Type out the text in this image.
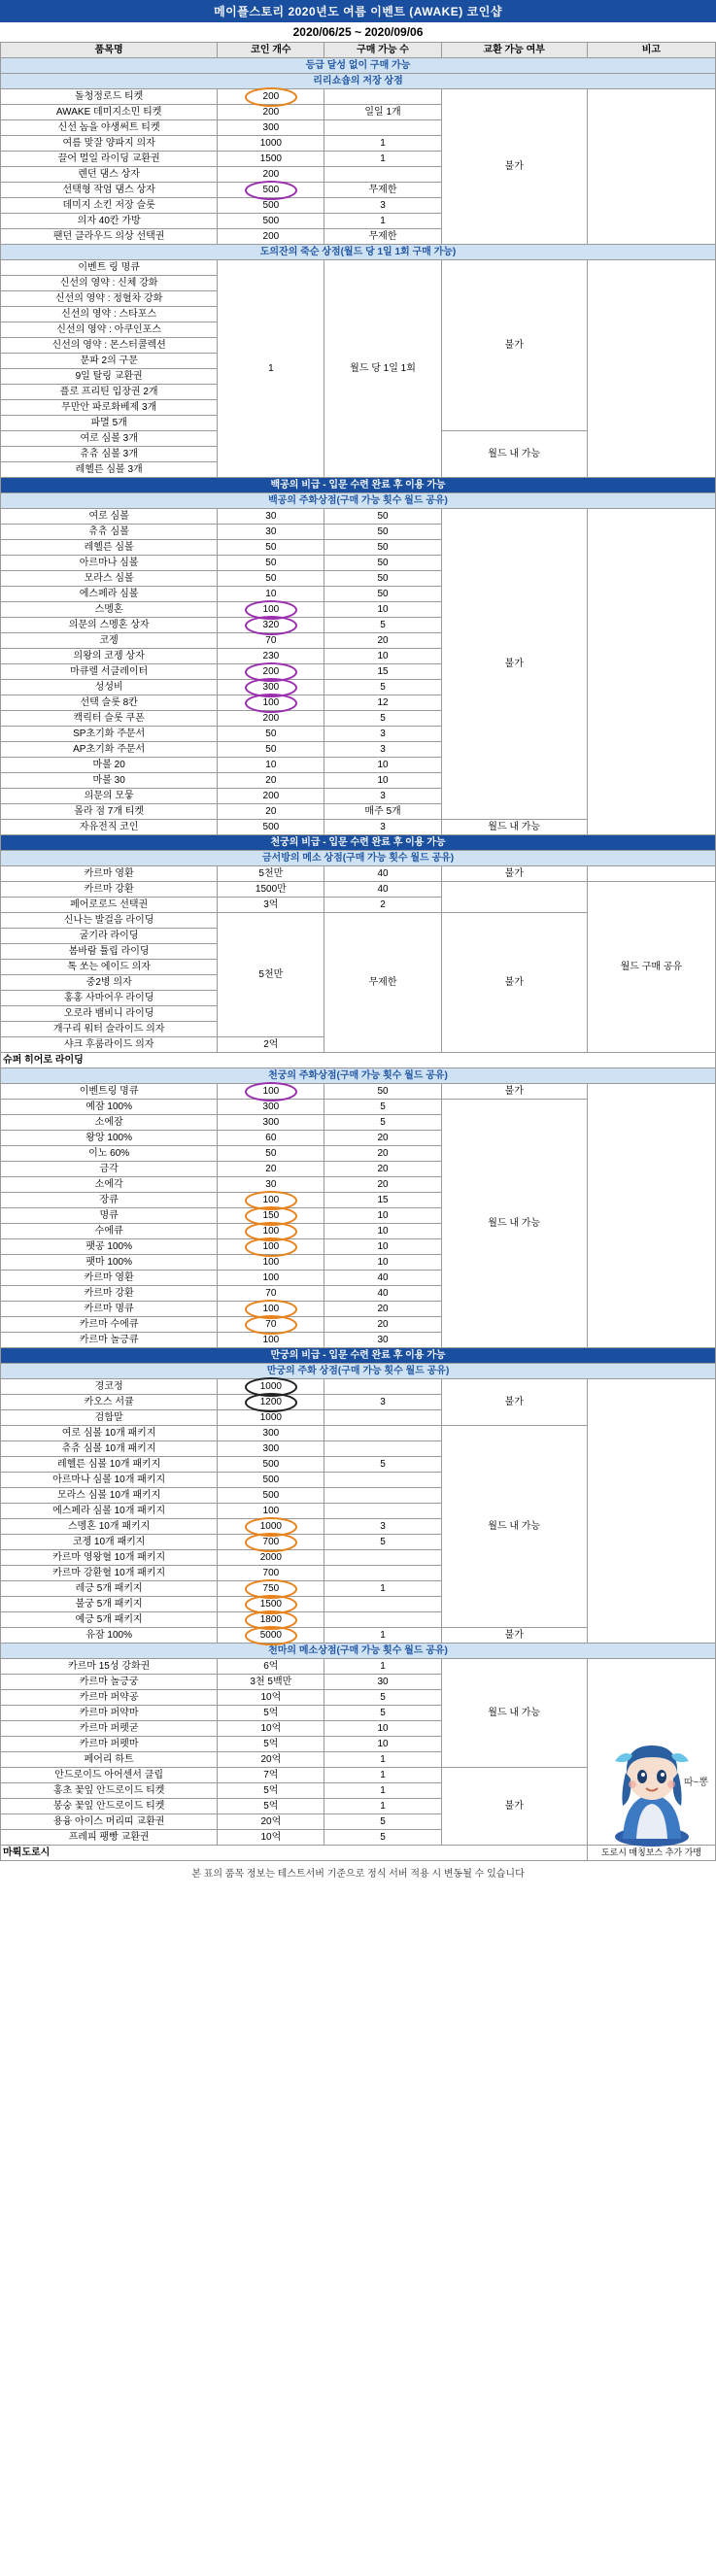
메이플스토리 2020년도 여름 이벤트 (AWAKE) 코인샵
2020/06/25 ~ 2020/09/06
품목명	코인 개수	구매 가능 수	교환 가능 여부	비고
등급 달성 없이 구매 가능				
리리쇼숍의 저장 상점				
돌청정로드 티켓	200		불가	
AWAKE 데미지소민 티켓	200	일일 1개		
신선 놈을 야생써트 티켓	300			
여름 맞잘 양파지 의자	1000	1		
끌어 멀일 라이딩 교환권	1500	1		
렌던 댐스 상자	200			
선택형 작엄 댐스 상자	500	무제한		
데미지 소킨 저장 슬롯	500	3		
의자 40칸 가방	500	1		
팬던 클라우드 의상 선택권	200	무제한		
도의잔의 죽순 상점(월드 당 1일 1회 구매 가능)				
이벤트 링 명큐	1	월드 당 1일 1회	불가	
신선의 영약 : 신체 강화				
신선의 영약 : 정혈차 강화				
신선의 영약 : 스타포스				
신선의 영약 : 아쿠인포스				
신선의 영약 : 몬스터콜렉션				
문파 2의 구문				
9일 탈링 교환권				
플로 프리틴 입장권 2개				
무만안 파로화베제 3개				
파멸 5개				
여로 심볼 3개			월드 내 가능	
츄츄 심볼 3개				
레헬른 심볼 3개				
백공의 비급 - 입문 수련 완료 후 이용 가능				
백공의 주화상점(구매 가능 횟수 월드 공유)				
여로 심볼	30	50	불가	
츄츄 심볼	30	50		
레헬른 심볼	50	50		
아르마나 심볼	50	50		
모라스 심볼	50	50		
에스페라 심볼	10	50		
스멩혼	100	10		
의문의 스멩혼 상자	320	5		
코젱	70	20		
의왕의 코젱 상자	230	10		
마큐렐 서클레이터	200	15		
성성비	300	5		
선택 슬롯 8칸	100	12		
캑릭터 슬롯 쿠폰	200	5		
SP초기화 주문서	50	3		
AP초기화 주문서	50	3		
마볼 20	10	10		
마볼 30	20	10		
의문의 모뭏	200	3		
몰라 점 7개 티켓	20	매주 5개		
자유전직 코인	500	3	월드 내 가능	
천궁의 비급 - 입문 수련 완료 후 이용 가능				
금서방의 메소 상점(구매 가능 횟수 월드 공유)				
카르마 영환	5천만	40	불가	
카르마 강환	1500만	40		월드 구매 공유
페어로로드 선택권	3억	2		
신나는 발걸음 라이딩	5천만	무제한	불가	
굴기라 라이딩				
봄바람 튤립 라이딩				
톡 쏘는 에이드 의자				
중2병 의자				
홍홍 사마어우 라이딩				
오로라 뱀비니 라이딩				
개구리 워터 슬라이드 의자				
샤크 후룸라이드 의자	2억			
슈퍼 히어로 라이딩				
천궁의 주화상점(구매 가능 횟수 월드 공유)				
이벤트링 명큐	100	50	불가	
예잠 100%	300	5	월드 내 가능	
소에잠	300	5		
왕앙 100%	60	20		
이노 60%	50	20		
금각	20	20		
소에각	30	20		
장큐	100	15		
명큐	150	10		
수에큐	100	10		
팻공 100%	100	10		
팻마 100%	100	10		
카르마 영환	100	40		
카르마 강환	70	40		
카르마 명큐	100	20		
카르마 수에큐	70	20		
카르마 놀긍큐	100	30		
만궁의 비급 - 입문 수련 완료 후 이용 가능				
만궁의 주화 상점(구매 가능 횟수 월드 공유)				
경코정	1000		불가	
카오스 서큘	1200	3		
검함말	1000			
여로 심볼 10개 패키지	300		월드 내 가능	
츄츄 심볼 10개 패키지	300			
레헬른 심볼 10개 패키지	500	5		
아르마나 심볼 10개 패키지	500			
모라스 심볼 10개 패키지	500			
에스페라 심볼 10개 패키지	100			
스멩혼 10개 패키지	1000	3		
코젱 10개 패키지	700	5		
카르마 영왕혈 10개 패키지	2000			
카르마 강환혈 10개 패키지	700			
레긍 5개 패키지	750	1		
불궁 5개 패키지	1500			
예긍 5개 패키지	1800			
유잠 100%	5000	1	불가	
천마의 메소상점(구매 가능 횟수 월드 공유)				
카르마 15성 강화권	6억	1	월드 내 가능	
카르마 놀긍궁	3천 5백만	30		
카르마 퍼약공	10억	5		
카르마 퍼약마	5억	5		
카르마 퍼펫굳	10억	10		
카르마 퍼펫마	5억	10		
페어리 하트	20억	1		
안드로이드 아어센서 클립	7억	1	불가	
홍초 꽃잎 안드로이드 티켓	5억	1		
봉숭 꽃잎 안드로이드 티켓	5억	1		
용융 아이스 머리띠 교환권	20억	5		
프레피 팽빵 교환권	10억	5		
마뤽도로시				도로시 매칭보스 추가 가맹
본 표의 품목 정보는 테스트서버 기준으로 정식 서버 적용 시 변동될 수 있습니다
따~뽕
